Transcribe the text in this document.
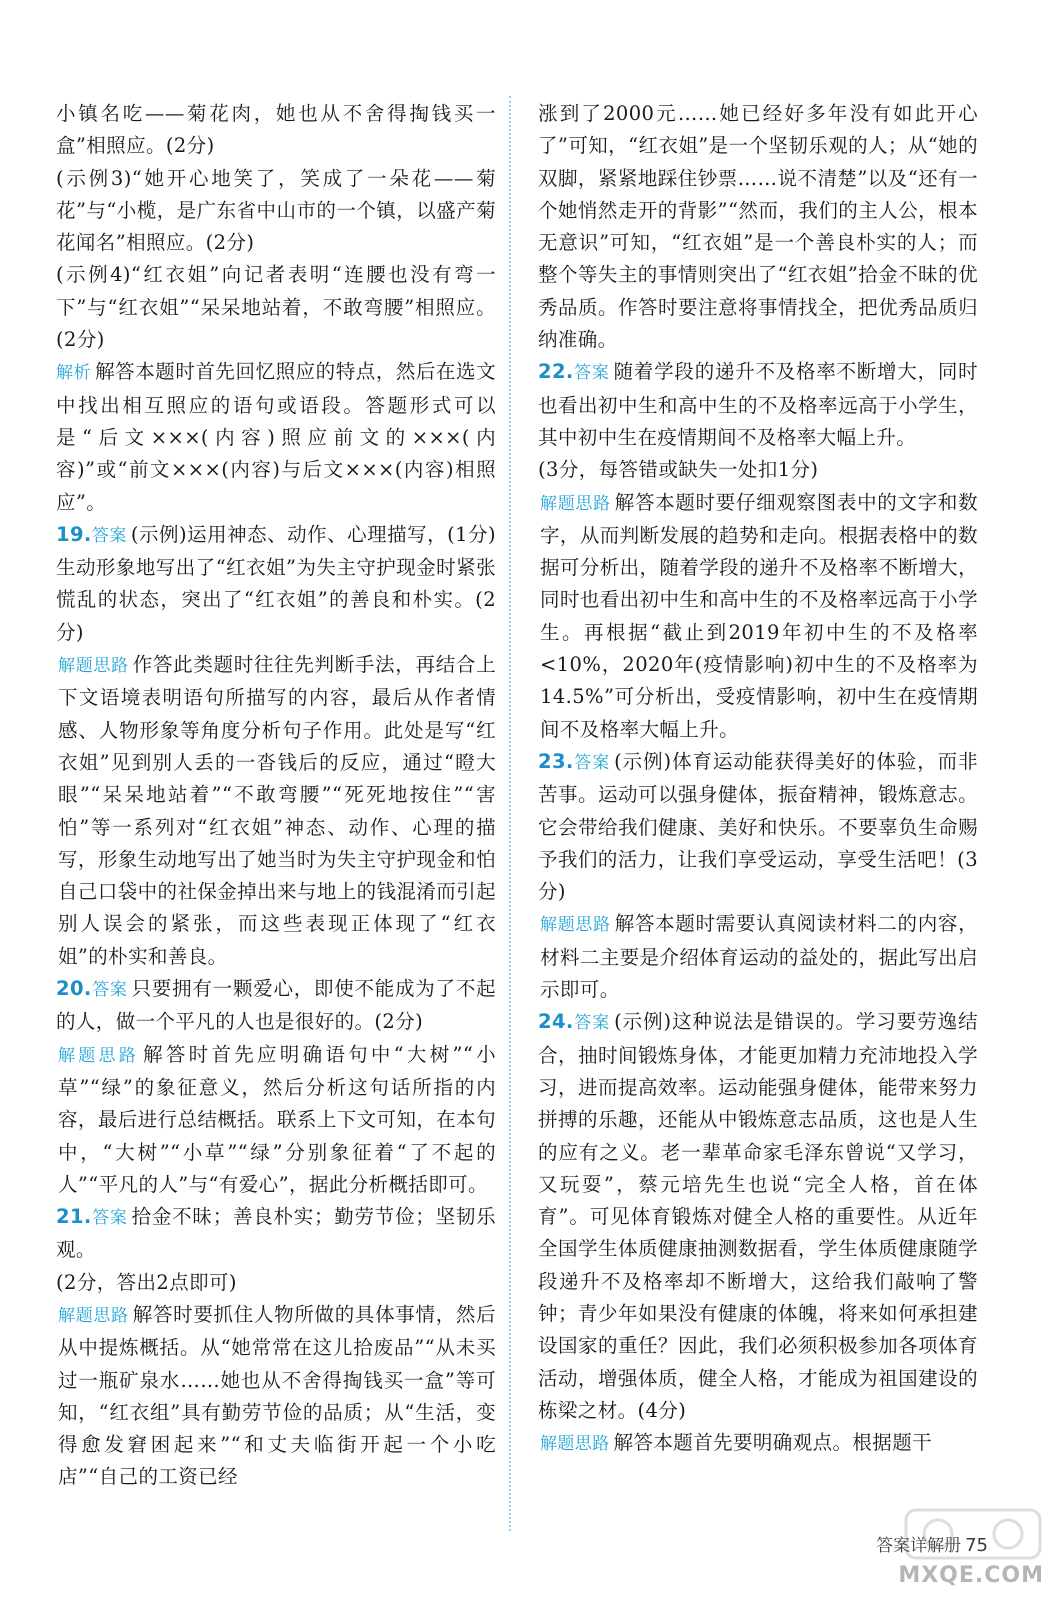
小镇名吃——菊花肉，她也从不舍得掏钱买一盒”相照应。(2分)

(示例3)“她开心地笑了，笑成了一朵花——菊花”与“小榄，是广东省中山市的一个镇，以盛产菊花闻名”相照应。(2分)

(示例4)“红衣姐”向记者表明“连腰也没有弯一下”与“红衣姐”“呆呆地站着，不敢弯腰”相照应。(2分)

解析 解答本题时首先回忆照应的特点，然后在选文中找出相互照应的语句或语段。答题形式可以是“后文×××(内容)照应前文的×××(内容)”或“前文×××(内容)与后文×××(内容)相照应”。

19.答案 (示例)运用神态、动作、心理描写，(1分)生动形象地写出了“红衣姐”为失主守护现金时紧张慌乱的状态，突出了“红衣姐”的善良和朴实。(2分)

解题思路 作答此类题时往往先判断手法，再结合上下文语境表明语句所描写的内容，最后从作者情感、人物形象等角度分析句子作用。此处是写“红衣姐”见到别人丢的一沓钱后的反应，通过“瞪大眼”“呆呆地站着”“不敢弯腰”“死死地按住”“害怕”等一系列对“红衣姐”神态、动作、心理的描写，形象生动地写出了她当时为失主守护现金和怕自己口袋中的社保金掉出来与地上的钱混淆而引起别人误会的紧张，而这些表现正体现了“红衣姐”的朴实和善良。

20.答案 只要拥有一颗爱心，即使不能成为了不起的人，做一个平凡的人也是很好的。(2分)

解题思路 解答时首先应明确语句中“大树”“小草”“绿”的象征意义，然后分析这句话所指的内容，最后进行总结概括。联系上下文可知，在本句中，“大树”“小草”“绿”分别象征着“了不起的人”“平凡的人”与“有爱心”，据此分析概括即可。

21.答案 拾金不昧；善良朴实；勤劳节俭；坚韧乐观。

(2分，答出2点即可)

解题思路 解答时要抓住人物所做的具体事情，然后从中提炼概括。从“她常常在这儿拾废品”“从未买过一瓶矿泉水……她也从不舍得掏钱买一盒”等可知，“红衣组”具有勤劳节俭的品质；从“生活，变得愈发窘困起来”“和丈夫临街开起一个小吃店”“自己的工资已经

涨到了2000元……她已经好多年没有如此开心了”可知，“红衣姐”是一个坚韧乐观的人；从“她的双脚，紧紧地踩住钞票……说不清楚”以及“还有一个她悄然走开的背影”“然而，我们的主人公，根本无意识”可知，“红衣姐”是一个善良朴实的人；而整个等失主的事情则突出了“红衣姐”拾金不昧的优秀品质。作答时要注意将事情找全，把优秀品质归纳准确。

22.答案 随着学段的递升不及格率不断增大，同时也看出初中生和高中生的不及格率远高于小学生，其中初中生在疫情期间不及格率大幅上升。

(3分，每答错或缺失一处扣1分)

解题思路 解答本题时要仔细观察图表中的文字和数字，从而判断发展的趋势和走向。根据表格中的数据可分析出，随着学段的递升不及格率不断增大，同时也看出初中生和高中生的不及格率远高于小学生。再根据“截止到2019年初中生的不及格率<10%，2020年(疫情影响)初中生的不及格率为14.5%”可分析出，受疫情影响，初中生在疫情期间不及格率大幅上升。

23.答案 (示例)体育运动能获得美好的体验，而非苦事。运动可以强身健体，振奋精神，锻炼意志。它会带给我们健康、美好和快乐。不要辜负生命赐予我们的活力，让我们享受运动，享受生活吧！(3分)

解题思路 解答本题时需要认真阅读材料二的内容，材料二主要是介绍体育运动的益处的，据此写出启示即可。

24.答案 (示例)这种说法是错误的。学习要劳逸结合，抽时间锻炼身体，才能更加精力充沛地投入学习，进而提高效率。运动能强身健体，能带来努力拼搏的乐趣，还能从中锻炼意志品质，这也是人生的应有之义。老一辈革命家毛泽东曾说“又学习，又玩耍”，蔡元培先生也说“完全人格，首在体育”。可见体育锻炼对健全人格的重要性。从近年全国学生体质健康抽测数据看，学生体质健康随学段递升不及格率却不断增大，这给我们敲响了警钟；青少年如果没有健康的体魄，将来如何承担建设国家的重任？因此，我们必须积极参加各项体育活动，增强体质，健全人格，才能成为祖国建设的栋梁之材。(4分)

解题思路 解答本题首先要明确观点。根据题干

答案详解册 75
MXQE.COM
